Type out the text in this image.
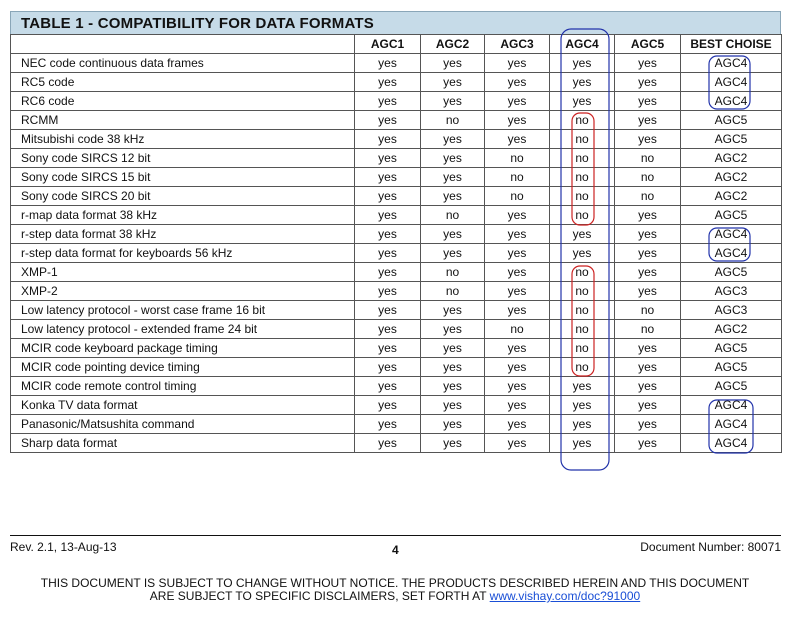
TABLE 1 - COMPATIBILITY FOR DATA FORMATS
	AGC1	AGC2	AGC3	AGC4	AGC5	BEST CHOISE
NEC code continuous data frames	yes	yes	yes	yes	yes	AGC4
RC5 code	yes	yes	yes	yes	yes	AGC4
RC6 code	yes	yes	yes	yes	yes	AGC4
RCMM	yes	no	yes	no	yes	AGC5
Mitsubishi code 38 kHz	yes	yes	yes	no	yes	AGC5
Sony code SIRCS 12 bit	yes	yes	no	no	no	AGC2
Sony code SIRCS 15 bit	yes	yes	no	no	no	AGC2
Sony code SIRCS 20 bit	yes	yes	no	no	no	AGC2
r-map data format 38 kHz	yes	no	yes	no	yes	AGC5
r-step data format 38 kHz	yes	yes	yes	yes	yes	AGC4
r-step data format for keyboards 56 kHz	yes	yes	yes	yes	yes	AGC4
XMP-1	yes	no	yes	no	yes	AGC5
XMP-2	yes	no	yes	no	yes	AGC3
Low latency protocol - worst case frame 16 bit	yes	yes	yes	no	no	AGC3
Low latency protocol - extended frame 24 bit	yes	yes	no	no	no	AGC2
MCIR code keyboard package timing	yes	yes	yes	no	yes	AGC5
MCIR code pointing device timing	yes	yes	yes	no	yes	AGC5
MCIR code remote control timing	yes	yes	yes	yes	yes	AGC5
Konka TV data format	yes	yes	yes	yes	yes	AGC4
Panasonic/Matsushita command	yes	yes	yes	yes	yes	AGC4
Sharp data format	yes	yes	yes	yes	yes	AGC4
Rev. 2.1, 13-Aug-13	4	Document Number: 80071
THIS DOCUMENT IS SUBJECT TO CHANGE WITHOUT NOTICE. THE PRODUCTS DESCRIBED HEREIN AND THIS DOCUMENT
ARE SUBJECT TO SPECIFIC DISCLAIMERS, SET FORTH AT www.vishay.com/doc?91000
